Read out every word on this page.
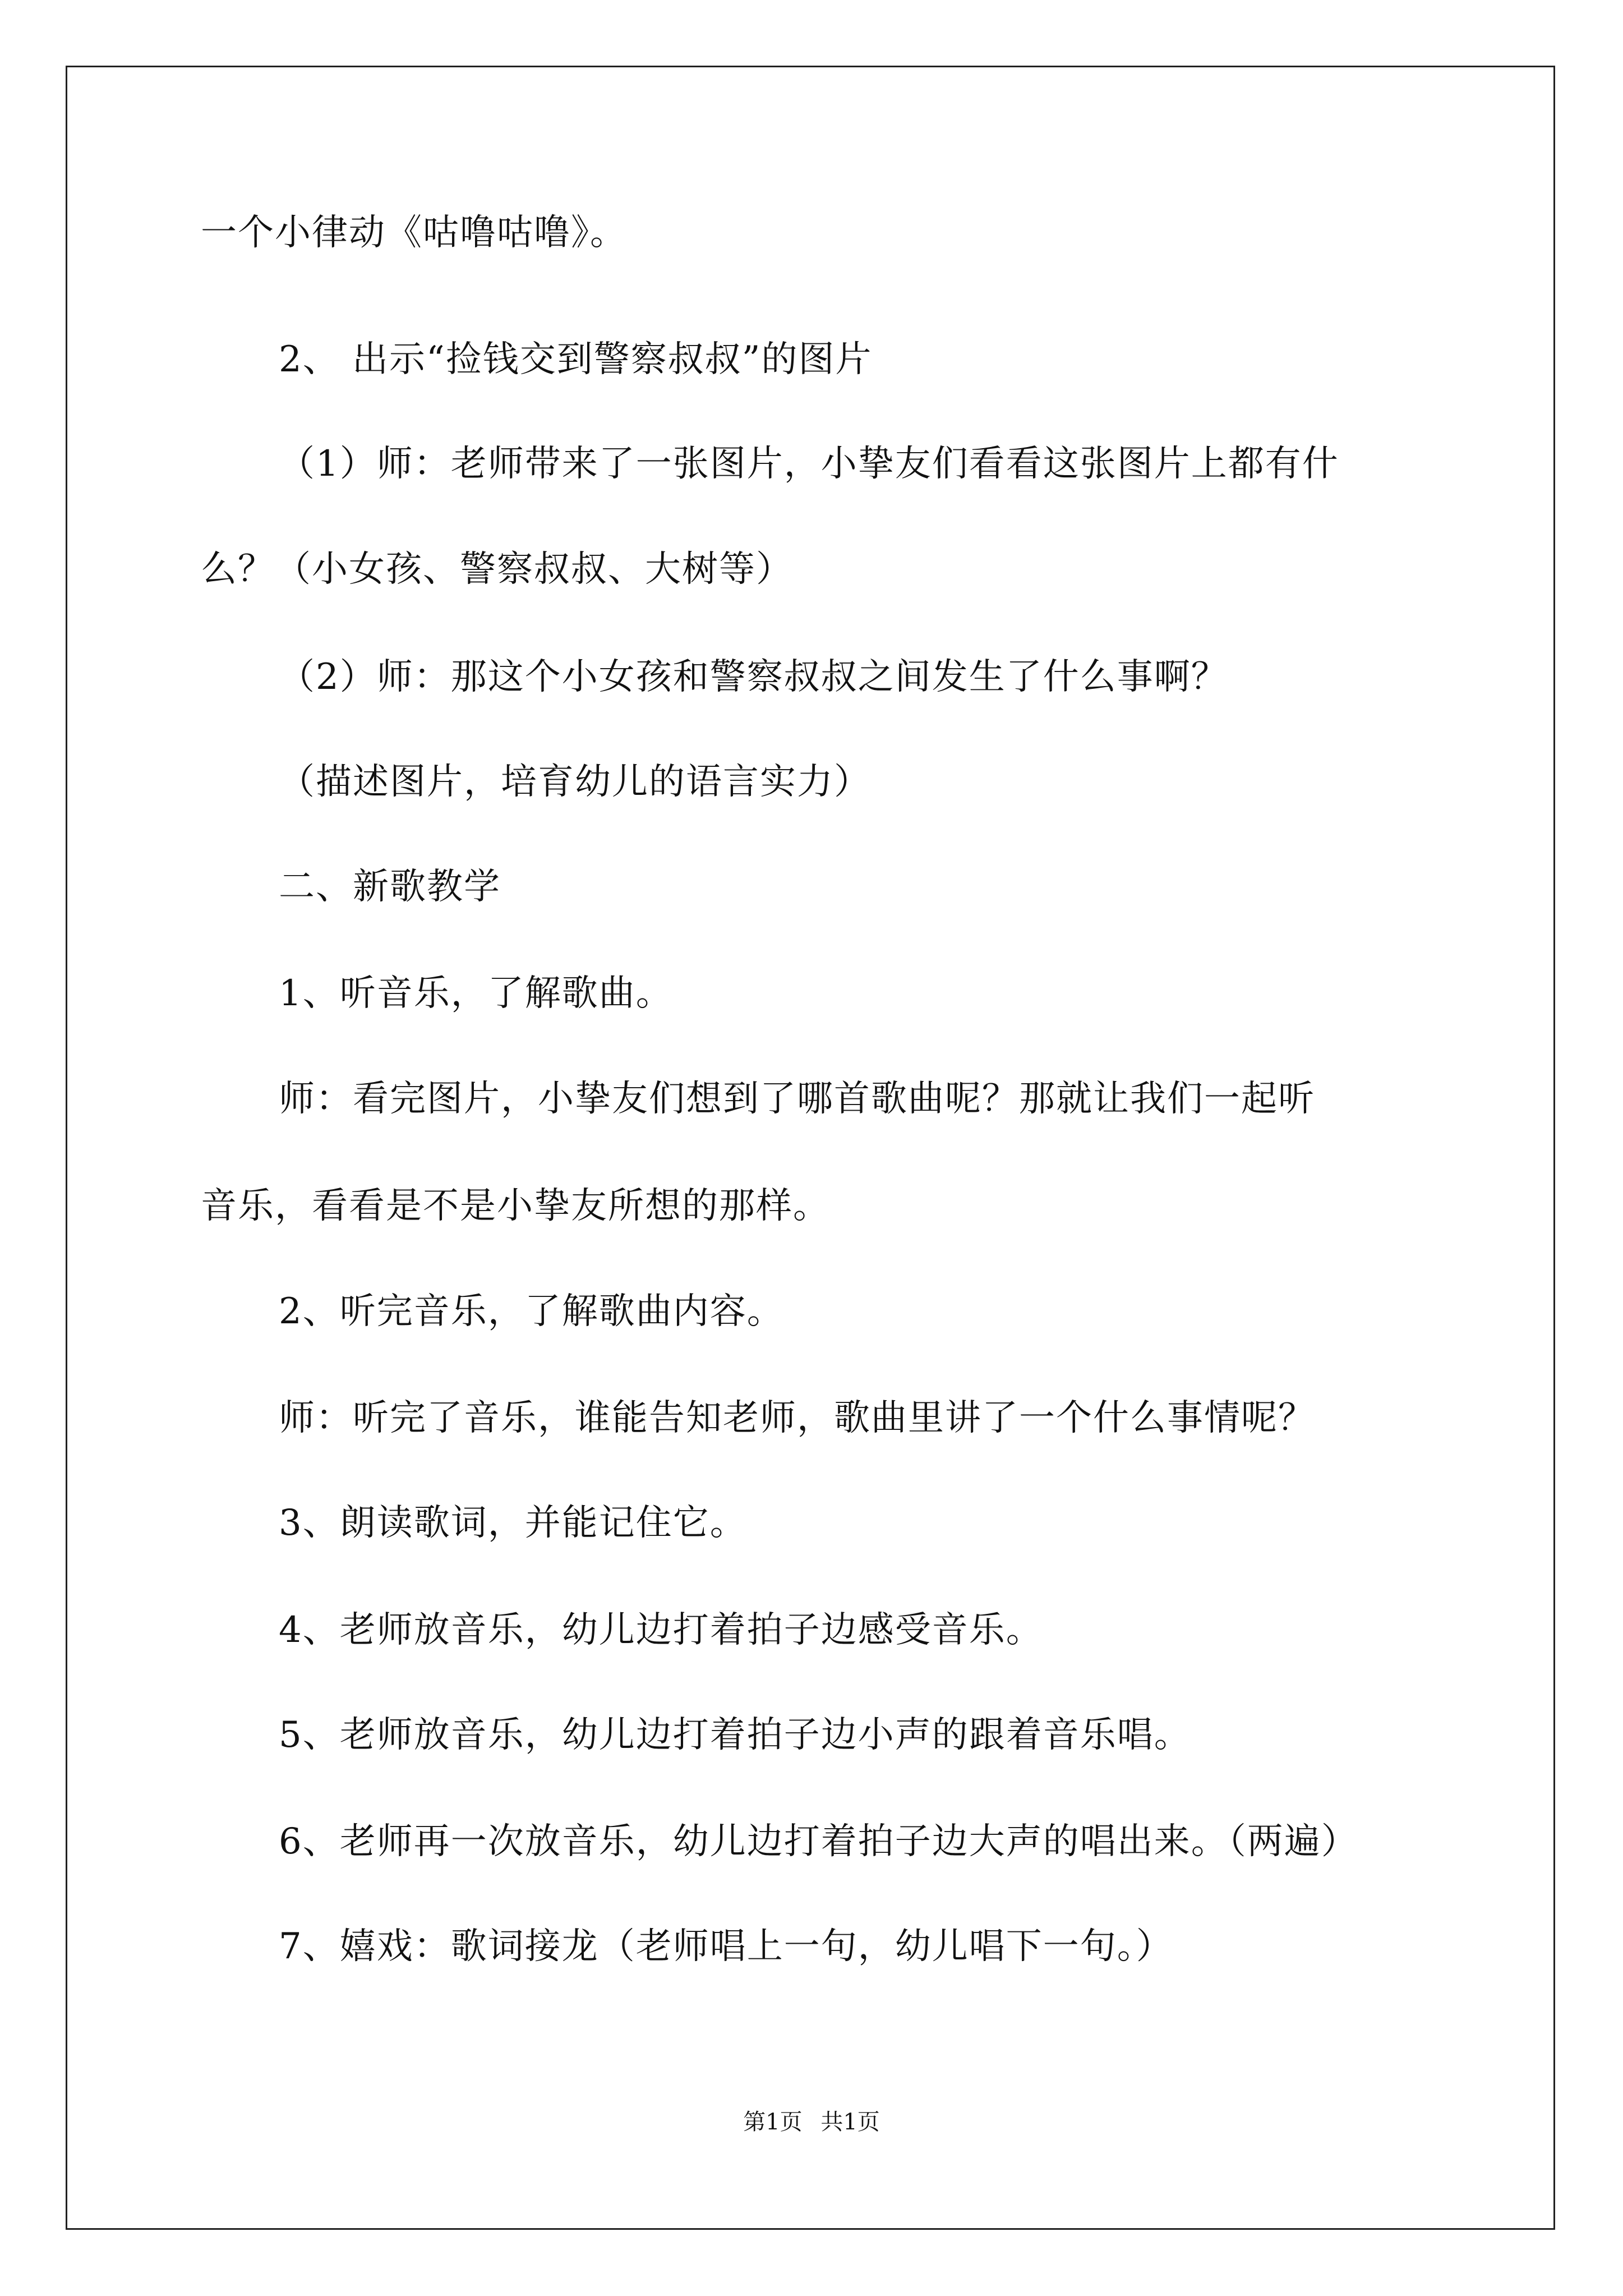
一个小律动《咕噜咕噜》。
2、 出示“捡钱交到警察叔叔”的图片
（1）师：老师带来了一张图片，小挚友们看看这张图片上都有什
么？（小女孩、警察叔叔、大树等）
（2）师：那这个小女孩和警察叔叔之间发生了什么事啊？
（描述图片，培育幼儿的语言实力）
二、新歌教学
1、听音乐，了解歌曲。
师：看完图片，小挚友们想到了哪首歌曲呢？那就让我们一起听
音乐，看看是不是小挚友所想的那样。
2、听完音乐，了解歌曲内容。
师：听完了音乐，谁能告知老师，歌曲里讲了一个什么事情呢？
3、朗读歌词，并能记住它。
4、老师放音乐，幼儿边打着拍子边感受音乐。
5、老师放音乐，幼儿边打着拍子边小声的跟着音乐唱。
6、老师再一次放音乐，幼儿边打着拍子边大声的唱出来。（两遍）
7、嬉戏：歌词接龙（老师唱上一句，幼儿唱下一句。）
第1页 共1页
